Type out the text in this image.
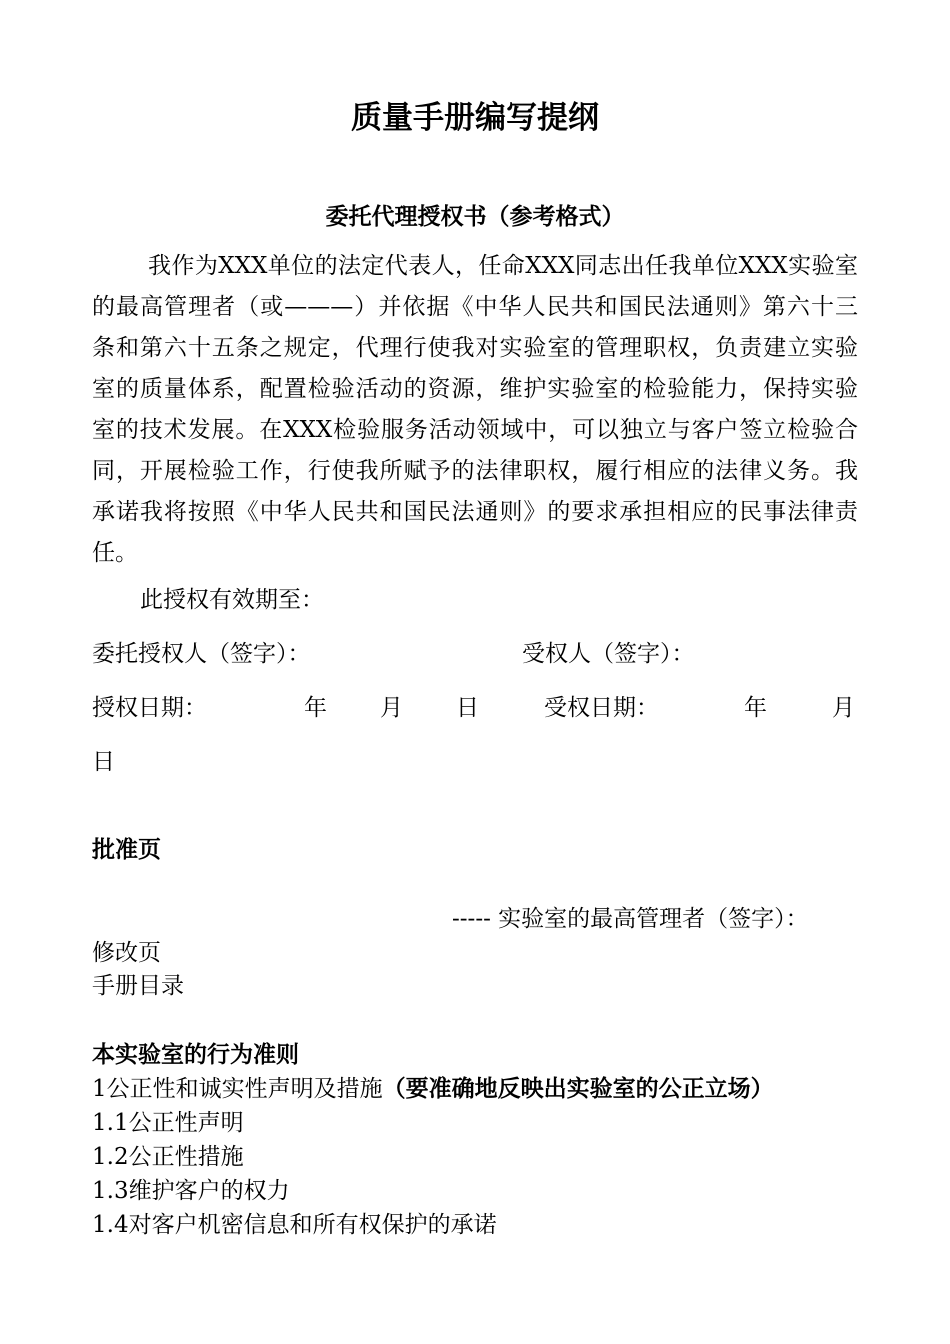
质量手册编写提纲
委托代理授权书（参考格式）
我作为XXX单位的法定代表人，任命XXX同志出任我单位XXX实验室
的最高管理者（或———）并依据《中华人民共和国民法通则》第六十三
条和第六十五条之规定，代理行使我对实验室的管理职权，负责建立实验
室的质量体系，配置检验活动的资源，维护实验室的检验能力，保持实验
室的技术发展。在XXX检验服务活动领域中，可以独立与客户签立检验合
同，开展检验工作，行使我所赋予的法律职权，履行相应的法律义务。我
承诺我将按照《中华人民共和国民法通则》的要求承担相应的民事法律责
任。
此授权有效期至：
委托授权人（签字）：	受权人（签字）：
授权日期：	年 月 日	受权日期：	年	月
日
批准页
----- 实验室的最高管理者（签字）：
修改页
手册目录
本实验室的行为准则
1公正性和诚实性声明及措施（要准确地反映出实验室的公正立场）
1.1公正性声明
1.2公正性措施
1.3维护客户的权力
1.4对客户机密信息和所有权保护的承诺
